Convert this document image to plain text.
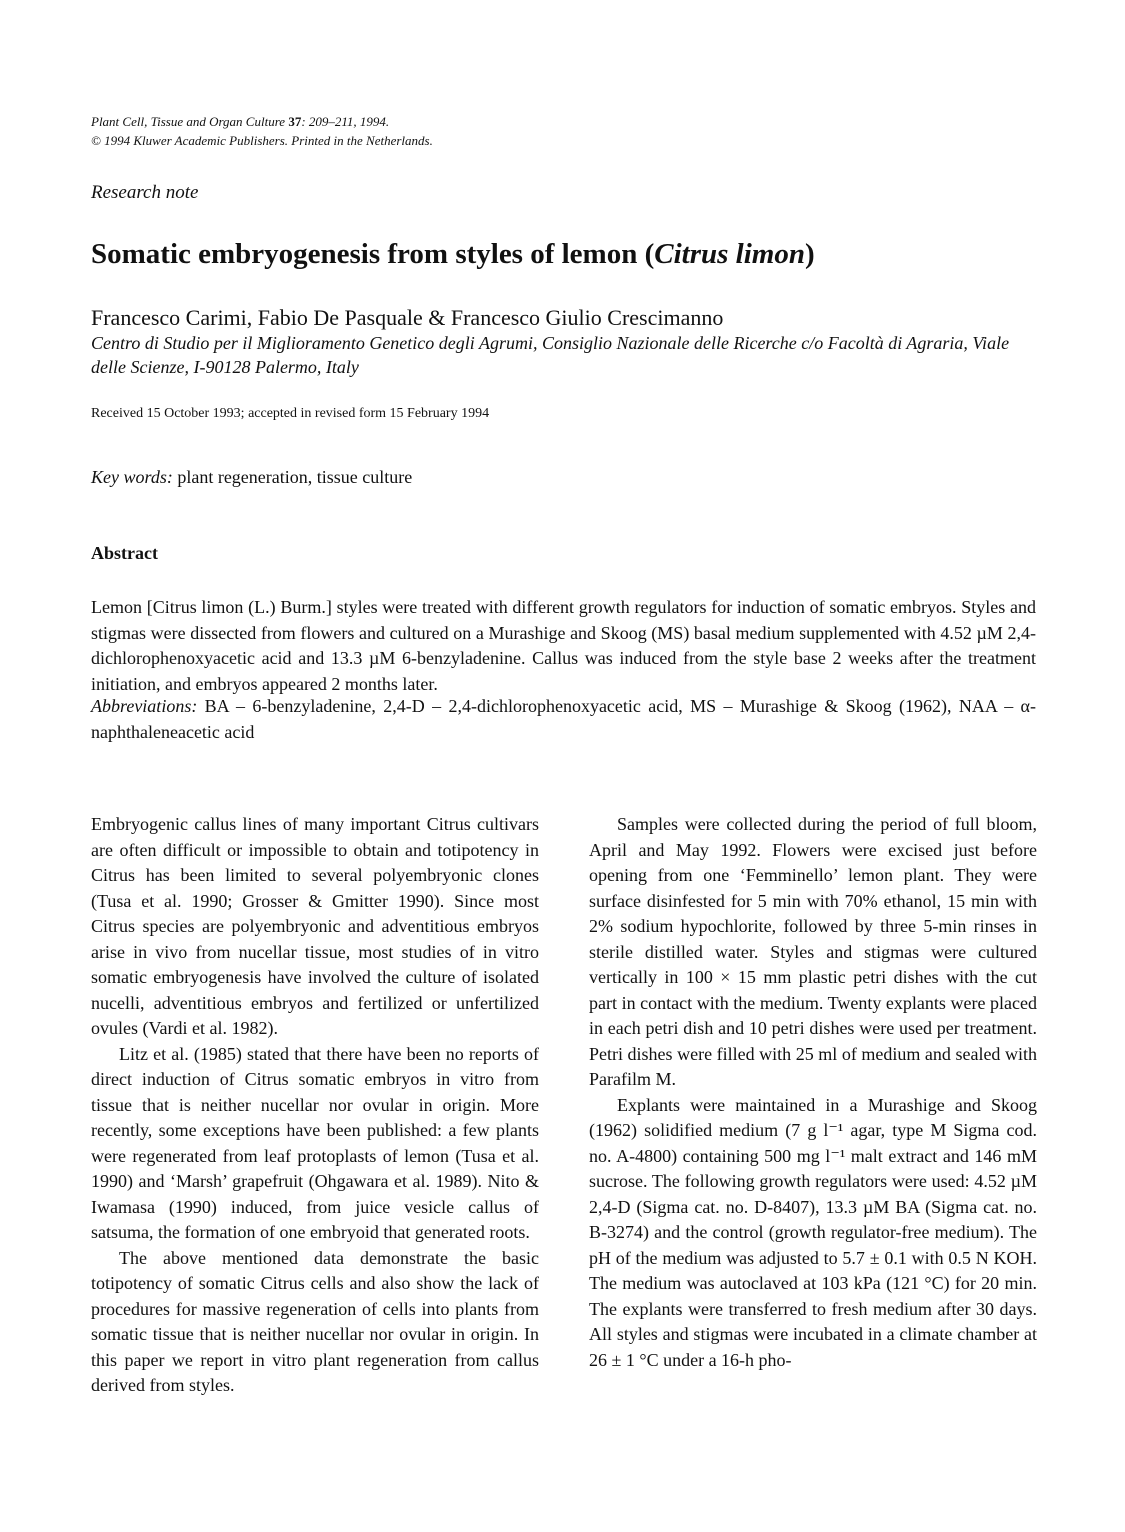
Plant Cell, Tissue and Organ Culture 37: 209–211, 1994.
© 1994 Kluwer Academic Publishers. Printed in the Netherlands.
Research note
Somatic embryogenesis from styles of lemon (Citrus limon)
Francesco Carimi, Fabio De Pasquale & Francesco Giulio Crescimanno
Centro di Studio per il Miglioramento Genetico degli Agrumi, Consiglio Nazionale delle Ricerche c/o Facoltà di Agraria, Viale delle Scienze, I-90128 Palermo, Italy
Received 15 October 1993; accepted in revised form 15 February 1994
Key words: plant regeneration, tissue culture
Abstract
Lemon [Citrus limon (L.) Burm.] styles were treated with different growth regulators for induction of somatic embryos. Styles and stigmas were dissected from flowers and cultured on a Murashige and Skoog (MS) basal medium supplemented with 4.52 µM 2,4-dichlorophenoxyacetic acid and 13.3 µM 6-benzyladenine. Callus was induced from the style base 2 weeks after the treatment initiation, and embryos appeared 2 months later.
Abbreviations: BA – 6-benzyladenine, 2,4-D – 2,4-dichlorophenoxyacetic acid, MS – Murashige & Skoog (1962), NAA – α-naphthaleneacetic acid

Embryogenic callus lines of many important Citrus cultivars are often difficult or impossible to obtain and totipotency in Citrus has been limited to several polyembryonic clones (Tusa et al. 1990; Grosser & Gmitter 1990). Since most Citrus species are polyembryonic and adventitious embryos arise in vivo from nucellar tissue, most studies of in vitro somatic embryogenesis have involved the culture of isolated nucelli, adventitious embryos and fertilized or unfertilized ovules (Vardi et al. 1982).

Litz et al. (1985) stated that there have been no reports of direct induction of Citrus somatic embryos in vitro from tissue that is neither nucellar nor ovular in origin. More recently, some exceptions have been published: a few plants were regenerated from leaf protoplasts of lemon (Tusa et al. 1990) and ‘Marsh’ grapefruit (Ohgawara et al. 1989). Nito & Iwamasa (1990) induced, from juice vesicle callus of satsuma, the formation of one embryoid that generated roots.

The above mentioned data demonstrate the basic totipotency of somatic Citrus cells and also show the lack of procedures for massive regeneration of cells into plants from somatic tissue that is neither nucellar nor ovular in origin. In this paper we report in vitro plant regeneration from callus derived from styles.

Samples were collected during the period of full bloom, April and May 1992. Flowers were excised just before opening from one ‘Femminello’ lemon plant. They were surface disinfested for 5 min with 70% ethanol, 15 min with 2% sodium hypochlorite, followed by three 5-min rinses in sterile distilled water. Styles and stigmas were cultured vertically in 100 × 15 mm plastic petri dishes with the cut part in contact with the medium. Twenty explants were placed in each petri dish and 10 petri dishes were used per treatment. Petri dishes were filled with 25 ml of medium and sealed with Parafilm M.

Explants were maintained in a Murashige and Skoog (1962) solidified medium (7 g l⁻¹ agar, type M Sigma cod. no. A-4800) containing 500 mg l⁻¹ malt extract and 146 mM sucrose. The following growth regulators were used: 4.52 µM 2,4-D (Sigma cat. no. D-8407), 13.3 µM BA (Sigma cat. no. B-3274) and the control (growth regulator-free medium). The pH of the medium was adjusted to 5.7 ± 0.1 with 0.5 N KOH. The medium was autoclaved at 103 kPa (121 °C) for 20 min. The explants were transferred to fresh medium after 30 days. All styles and stigmas were incubated in a climate chamber at 26 ± 1 °C under a 16-h pho-
